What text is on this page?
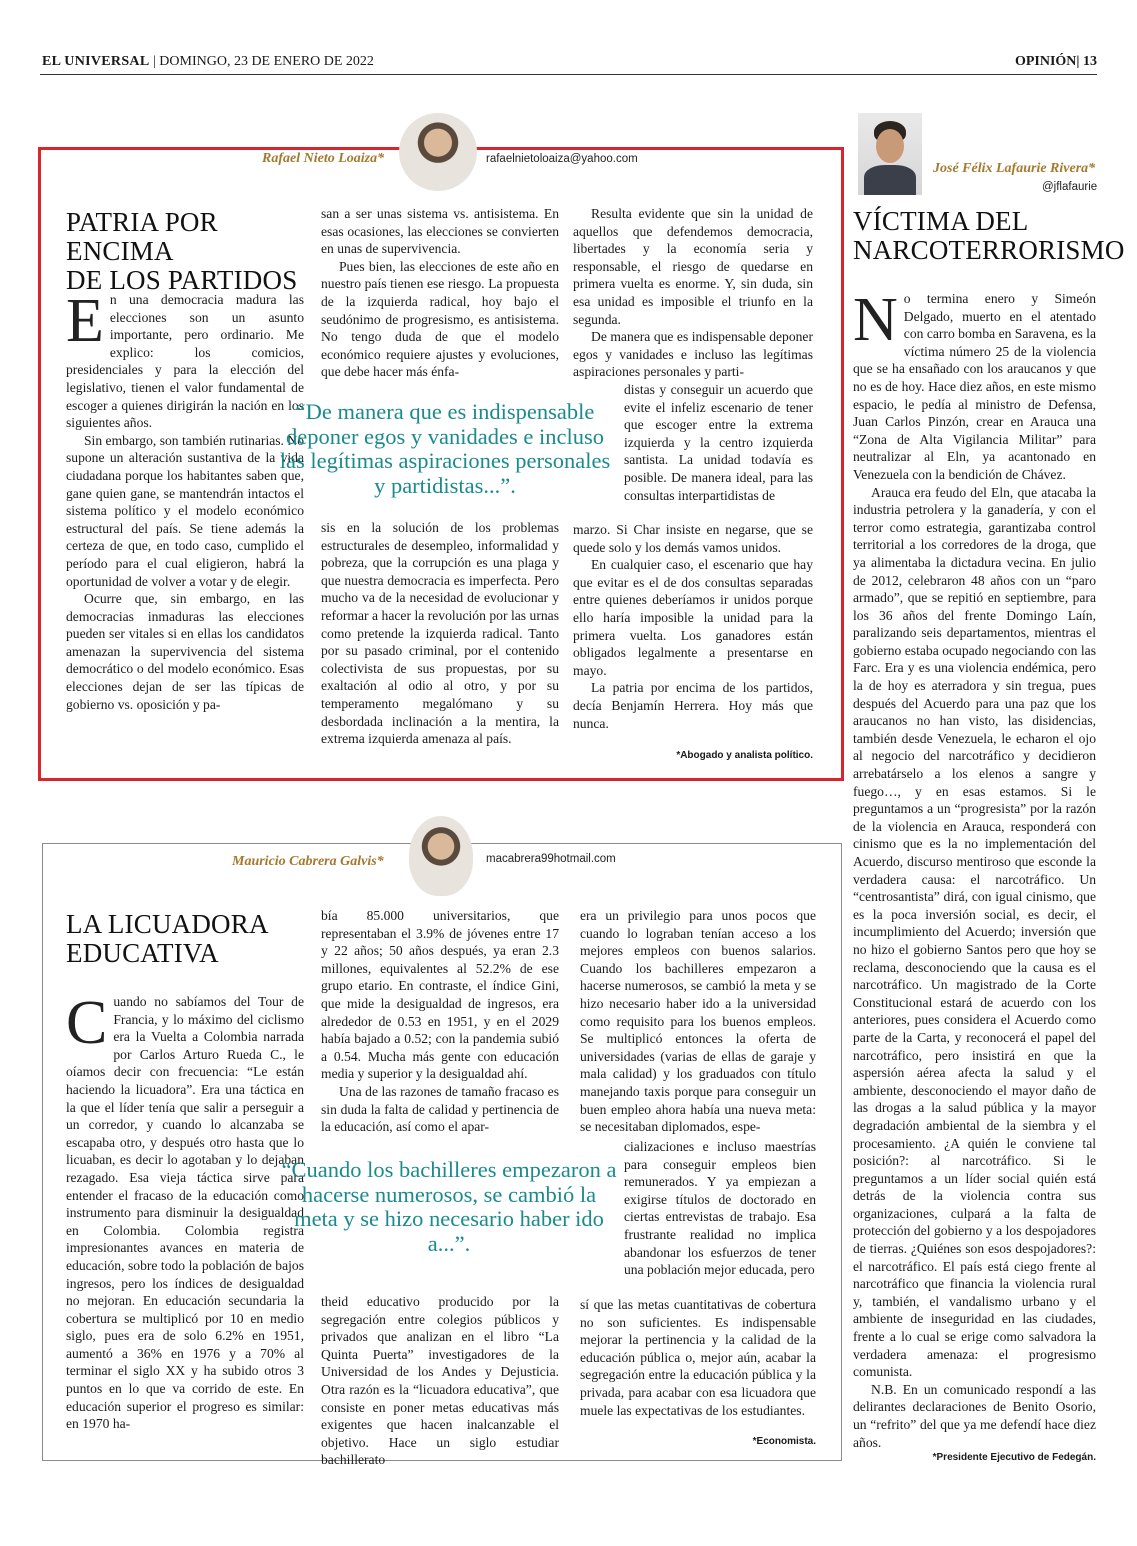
EL UNIVERSAL | DOMINGO, 23 DE ENERO DE 2022	OPINIÓN| 13
Rafael Nieto Loaiza*	rafaelnietoloaiza@yahoo.com
PATRIA POR ENCIMA
DE LOS PARTIDOS

En una democracia madura las elecciones son un asunto importante, pero ordinario. Me explico: los comicios, presidenciales y para la elección del legislativo, tienen el valor fundamental de escoger a quienes dirigirán la nación en los siguientes años.

Sin embargo, son también rutinarias. No supone un alteración sustantiva de la vida ciudadana porque los habitantes saben que, gane quien gane, se mantendrán intactos el sistema político y el modelo económico estructural del país. Se tiene además la certeza de que, en todo caso, cumplido el período para el cual eligieron, habrá la oportunidad de volver a votar y de elegir.

Ocurre que, sin embargo, en las democracias inmaduras las elecciones pueden ser vitales si en ellas los candidatos amenazan la supervivencia del sistema democrático o del modelo económico. Esas elecciones dejan de ser las típicas de gobierno vs. oposición y pa-

san a ser unas sistema vs. antisistema. En esas ocasiones, las elecciones se convierten en unas de supervivencia.

Pues bien, las elecciones de este año en nuestro país tienen ese riesgo. La propuesta de la izquierda radical, hoy bajo el seudónimo de progresismo, es antisistema. No tengo duda de que el modelo económico requiere ajustes y evoluciones, que debe hacer más énfa-

“De manera que es indispensable deponer egos y vanidades e incluso las legítimas aspiraciones personales y partidistas...”.

sis en la solución de los problemas estructurales de desempleo, informalidad y pobreza, que la corrupción es una plaga y que nuestra democracia es imperfecta. Pero mucho va de la necesidad de evolucionar y reformar a hacer la revolución por las urnas como pretende la izquierda radical. Tanto por su pasado criminal, por el contenido colectivista de sus propuestas, por su exaltación al odio al otro, y por su temperamento megalómano y su desbordada inclinación a la mentira, la extrema izquierda amenaza al país.

Resulta evidente que sin la unidad de aquellos que defendemos democracia, libertades y la economía seria y responsable, el riesgo de quedarse en primera vuelta es enorme. Y, sin duda, sin esa unidad es imposible el triunfo en la segunda.

De manera que es indispensable deponer egos y vanidades e incluso las legítimas aspiraciones personales y parti-

distas y conseguir un acuerdo que evite el infeliz escenario de tener que escoger entre la extrema izquierda y la centro izquierda santista. La unidad todavía es posible. De manera ideal, para las consultas interpartidistas de

marzo. Si Char insiste en negarse, que se quede solo y los demás vamos unidos.

En cualquier caso, el escenario que hay que evitar es el de dos consultas separadas entre quienes deberíamos ir unidos porque ello haría imposible la unidad para la primera vuelta. Los ganadores están obligados legalmente a presentarse en mayo.

La patria por encima de los partidos, decía Benjamín Herrera. Hoy más que nunca.

*Abogado y analista político.
Mauricio Cabrera Galvis*	macabrera99hotmail.com
LA LICUADORA
EDUCATIVA

Cuando no sabíamos del Tour de Francia, y lo máximo del ciclismo era la Vuelta a Colombia narrada por Carlos Arturo Rueda C., le oíamos decir con frecuencia: “Le están haciendo la licuadora”. Era una táctica en la que el líder tenía que salir a perseguir a un corredor, y cuando lo alcanzaba se escapaba otro, y después otro hasta que lo licuaban, es decir lo agotaban y lo dejaban rezagado. Esa vieja táctica sirve para entender el fracaso de la educación como instrumento para disminuir la desigualdad en Colombia. Colombia registra impresionantes avances en materia de educación, sobre todo la población de bajos ingresos, pero los índices de desigualdad no mejoran. En educación secundaria la cobertura se multiplicó por 10 en medio siglo, pues era de solo 6.2% en 1951, aumentó a 36% en 1976 y a 70% al terminar el siglo XX y ha subido otros 3 puntos en lo que va corrido de este. En educación superior el progreso es similar: en 1970 ha-

bía 85.000 universitarios, que representaban el 3.9% de jóvenes entre 17 y 22 años; 50 años después, ya eran 2.3 millones, equivalentes al 52.2% de ese grupo etario. En contraste, el índice Gini, que mide la desigualdad de ingresos, era alrededor de 0.53 en 1951, y en el 2029 había bajado a 0.52; con la pandemia subió a 0.54. Mucha más gente con educación media y superior y la desigualdad ahí.

Una de las razones de tamaño fracaso es sin duda la falta de calidad y pertinencia de la educación, así como el apar-

“Cuando los bachilleres empezaron a hacerse numerosos, se cambió la meta y se hizo necesario haber ido a...”.

theid educativo producido por la segregación entre colegios públicos y privados que analizan en el libro “La Quinta Puerta” investigadores de la Universidad de los Andes y Dejusticia. Otra razón es la “licuadora educativa”, que consiste en poner metas educativas más exigentes que hacen inalcanzable el objetivo. Hace un siglo estudiar bachillerato

era un privilegio para unos pocos que cuando lo lograban tenían acceso a los mejores empleos con buenos salarios. Cuando los bachilleres empezaron a hacerse numerosos, se cambió la meta y se hizo necesario haber ido a la universidad como requisito para los buenos empleos. Se multiplicó entonces la oferta de universidades (varias de ellas de garaje y mala calidad) y los graduados con título manejando taxis porque para conseguir un buen empleo ahora había una nueva meta: se necesitaban diplomados, espe-

cializaciones e incluso maestrías para conseguir empleos bien remunerados. Y ya empiezan a exigirse títulos de doctorado en ciertas entrevistas de trabajo. Esa frustrante realidad no implica abandonar los esfuerzos de tener una población mejor educada, pero

sí que las metas cuantitativas de cobertura no son suficientes. Es indispensable mejorar la pertinencia y la calidad de la educación pública o, mejor aún, acabar la segregación entre la educación pública y la privada, para acabar con esa licuadora que muele las expectativas de los estudiantes.

*Economista.
José Félix Lafaurie Rivera*
@jflafaurie
VÍCTIMA DEL
NARCOTERRORISMO

No termina enero y Simeón Delgado, muerto en el atentado con carro bomba en Saravena, es la víctima número 25 de la violencia que se ha ensañado con los araucanos y que no es de hoy. Hace diez años, en este mismo espacio, le pedía al ministro de Defensa, Juan Carlos Pinzón, crear en Arauca una “Zona de Alta Vigilancia Militar” para neutralizar al Eln, ya acantonado en Venezuela con la bendición de Chávez.

Arauca era feudo del Eln, que atacaba la industria petrolera y la ganadería, y con el terror como estrategia, garantizaba control territorial a los corredores de la droga, que ya alimentaba la dictadura vecina. En julio de 2012, celebraron 48 años con un “paro armado”, que se repitió en septiembre, para los 36 años del frente Domingo Laín, paralizando seis departamentos, mientras el gobierno estaba ocupado negociando con las Farc. Era y es una violencia endémica, pero la de hoy es aterradora y sin tregua, pues después del Acuerdo para una paz que los araucanos no han visto, las disidencias, también desde Venezuela, le echaron el ojo al negocio del narcotráfico y decidieron arrebatárselo a los elenos a sangre y fuego…, y en esas estamos. Si le preguntamos a un “progresista” por la razón de la violencia en Arauca, responderá con cinismo que es la no implementación del Acuerdo, discurso mentiroso que esconde la verdadera causa: el narcotráfico. Un “centrosantista” dirá, con igual cinismo, que es la poca inversión social, es decir, el incumplimiento del Acuerdo; inversión que no hizo el gobierno Santos pero que hoy se reclama, desconociendo que la causa es el narcotráfico. Un magistrado de la Corte Constitucional estará de acuerdo con los anteriores, pues considera el Acuerdo como parte de la Carta, y reconocerá el papel del narcotráfico, pero insistirá en que la aspersión aérea afecta la salud y el ambiente, desconociendo el mayor daño de las drogas a la salud pública y la mayor degradación ambiental de la siembra y el procesamiento. ¿A quién le conviene tal posición?: al narcotráfico. Si le preguntamos a un líder social quién está detrás de la violencia contra sus organizaciones, culpará a la falta de protección del gobierno y a los despojadores de tierras. ¿Quiénes son esos despojadores?: el narcotráfico. El país está ciego frente al narcotráfico que financia la violencia rural y, también, el vandalismo urbano y el ambiente de inseguridad en las ciudades, frente a lo cual se erige como salvadora la verdadera amenaza: el progresismo comunista.

N.B. En un comunicado respondí a las delirantes declaraciones de Benito Osorio, un “refrito” del que ya me defendí hace diez años.

*Presidente Ejecutivo de Fedegán.
